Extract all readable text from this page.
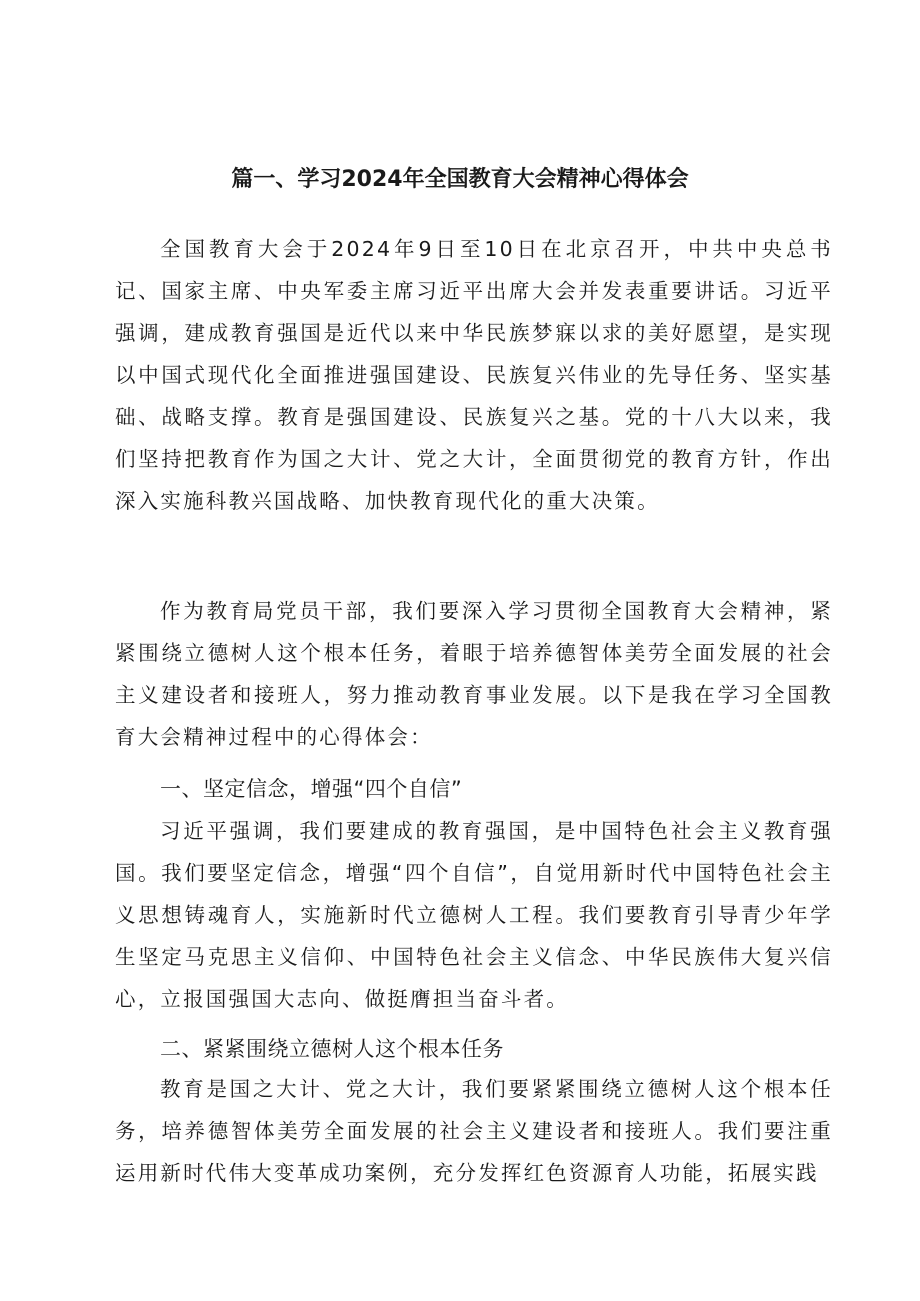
篇一、学习2024年全国教育大会精神心得体会

全国教育大会于2024年9日至10日在北京召开，中共中央总书记、国家主席、中央军委主席习近平出席大会并发表重要讲话。习近平强调，建成教育强国是近代以来中华民族梦寐以求的美好愿望，是实现以中国式现代化全面推进强国建设、民族复兴伟业的先导任务、坚实基础、战略支撑。教育是强国建设、民族复兴之基。党的十八大以来，我们坚持把教育作为国之大计、党之大计，全面贯彻党的教育方针，作出深入实施科教兴国战略、加快教育现代化的重大决策。

作为教育局党员干部，我们要深入学习贯彻全国教育大会精神，紧紧围绕立德树人这个根本任务，着眼于培养德智体美劳全面发展的社会主义建设者和接班人，努力推动教育事业发展。以下是我在学习全国教育大会精神过程中的心得体会：

一、坚定信念，增强“四个自信”

习近平强调，我们要建成的教育强国，是中国特色社会主义教育强国。我们要坚定信念，增强“四个自信”，自觉用新时代中国特色社会主义思想铸魂育人，实施新时代立德树人工程。我们要教育引导青少年学生坚定马克思主义信仰、中国特色社会主义信念、中华民族伟大复兴信心，立报国强国大志向、做挺膺担当奋斗者。

二、紧紧围绕立德树人这个根本任务

教育是国之大计、党之大计，我们要紧紧围绕立德树人这个根本任务，培养德智体美劳全面发展的社会主义建设者和接班人。我们要注重运用新时代伟大变革成功案例，充分发挥红色资源育人功能，拓展实践
